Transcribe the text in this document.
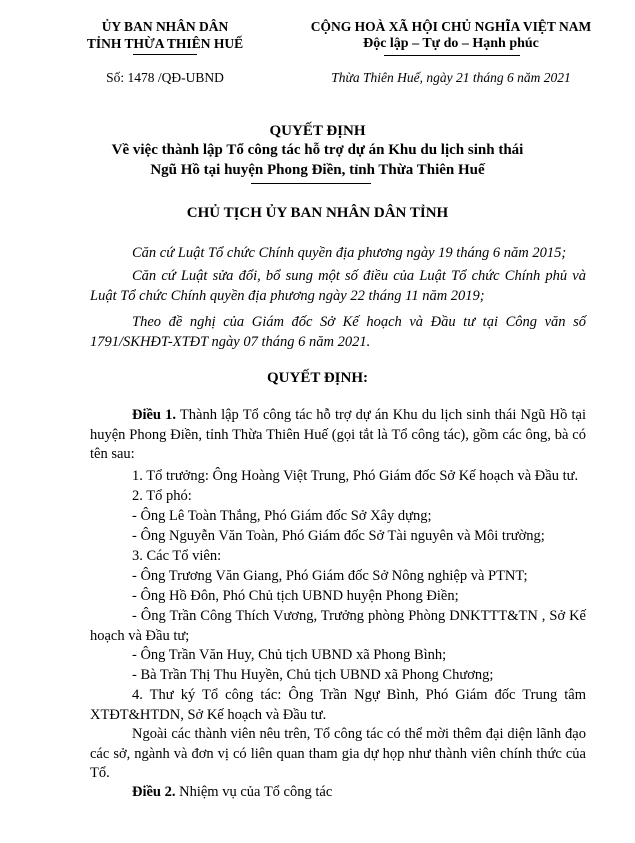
ỦY BAN NHÂN DÂN
TỈNH THỪA THIÊN HUẾ
Số: 1478 /QĐ-UBND
CỘNG HOÀ XÃ HỘI CHỦ NGHĨA VIỆT NAM
Độc lập – Tự do – Hạnh phúc
Thừa Thiên Huế, ngày 21 tháng 6 năm 2021
QUYẾT ĐỊNH
Về việc thành lập Tổ công tác hỗ trợ dự án Khu du lịch sinh thái
Ngũ Hồ tại huyện Phong Điền, tỉnh Thừa Thiên Huế
CHỦ TỊCH ỦY BAN NHÂN DÂN TỈNH
Căn cứ Luật Tổ chức Chính quyền địa phương ngày 19 tháng 6 năm 2015;
Căn cứ Luật sửa đổi, bổ sung một số điều của Luật Tổ chức Chính phủ và Luật Tổ chức Chính quyền địa phương ngày 22 tháng 11 năm 2019;
Theo đề nghị của Giám đốc Sở Kế hoạch và Đầu tư tại Công văn số 1791/SKHĐT-XTĐT ngày 07 tháng 6 năm 2021.
QUYẾT ĐỊNH:
Điều 1. Thành lập Tổ công tác hỗ trợ dự án Khu du lịch sinh thái Ngũ Hồ tại huyện Phong Điền, tỉnh Thừa Thiên Huế (gọi tắt là Tổ công tác), gồm các ông, bà có tên sau:
1. Tổ trưởng: Ông Hoàng Việt Trung, Phó Giám đốc Sở Kế hoạch và Đầu tư.
2. Tổ phó:
- Ông Lê Toàn Thắng, Phó Giám đốc Sở Xây dựng;
- Ông Nguyễn Văn Toàn, Phó Giám đốc Sở Tài nguyên và Môi trường;
3. Các Tổ viên:
- Ông Trương Văn Giang, Phó Giám đốc Sở Nông nghiệp và PTNT;
- Ông Hồ Đôn, Phó Chủ tịch UBND huyện Phong Điền;
- Ông Trần Công Thích Vương, Trưởng phòng Phòng DNKTTT&TN , Sở Kế hoạch và Đầu tư;
- Ông Trần Văn Huy, Chủ tịch UBND xã Phong Bình;
- Bà Trần Thị Thu Huyền, Chủ tịch UBND xã Phong Chương;
4. Thư ký Tổ công tác: Ông Trần Ngự Bình, Phó Giám đốc Trung tâm XTĐT&HTDN, Sở Kế hoạch và Đầu tư.
Ngoài các thành viên nêu trên, Tổ công tác có thể mời thêm đại diện lãnh đạo các sở, ngành và đơn vị có liên quan tham gia dự họp như thành viên chính thức của Tổ.
Điều 2. Nhiệm vụ của Tổ công tác
